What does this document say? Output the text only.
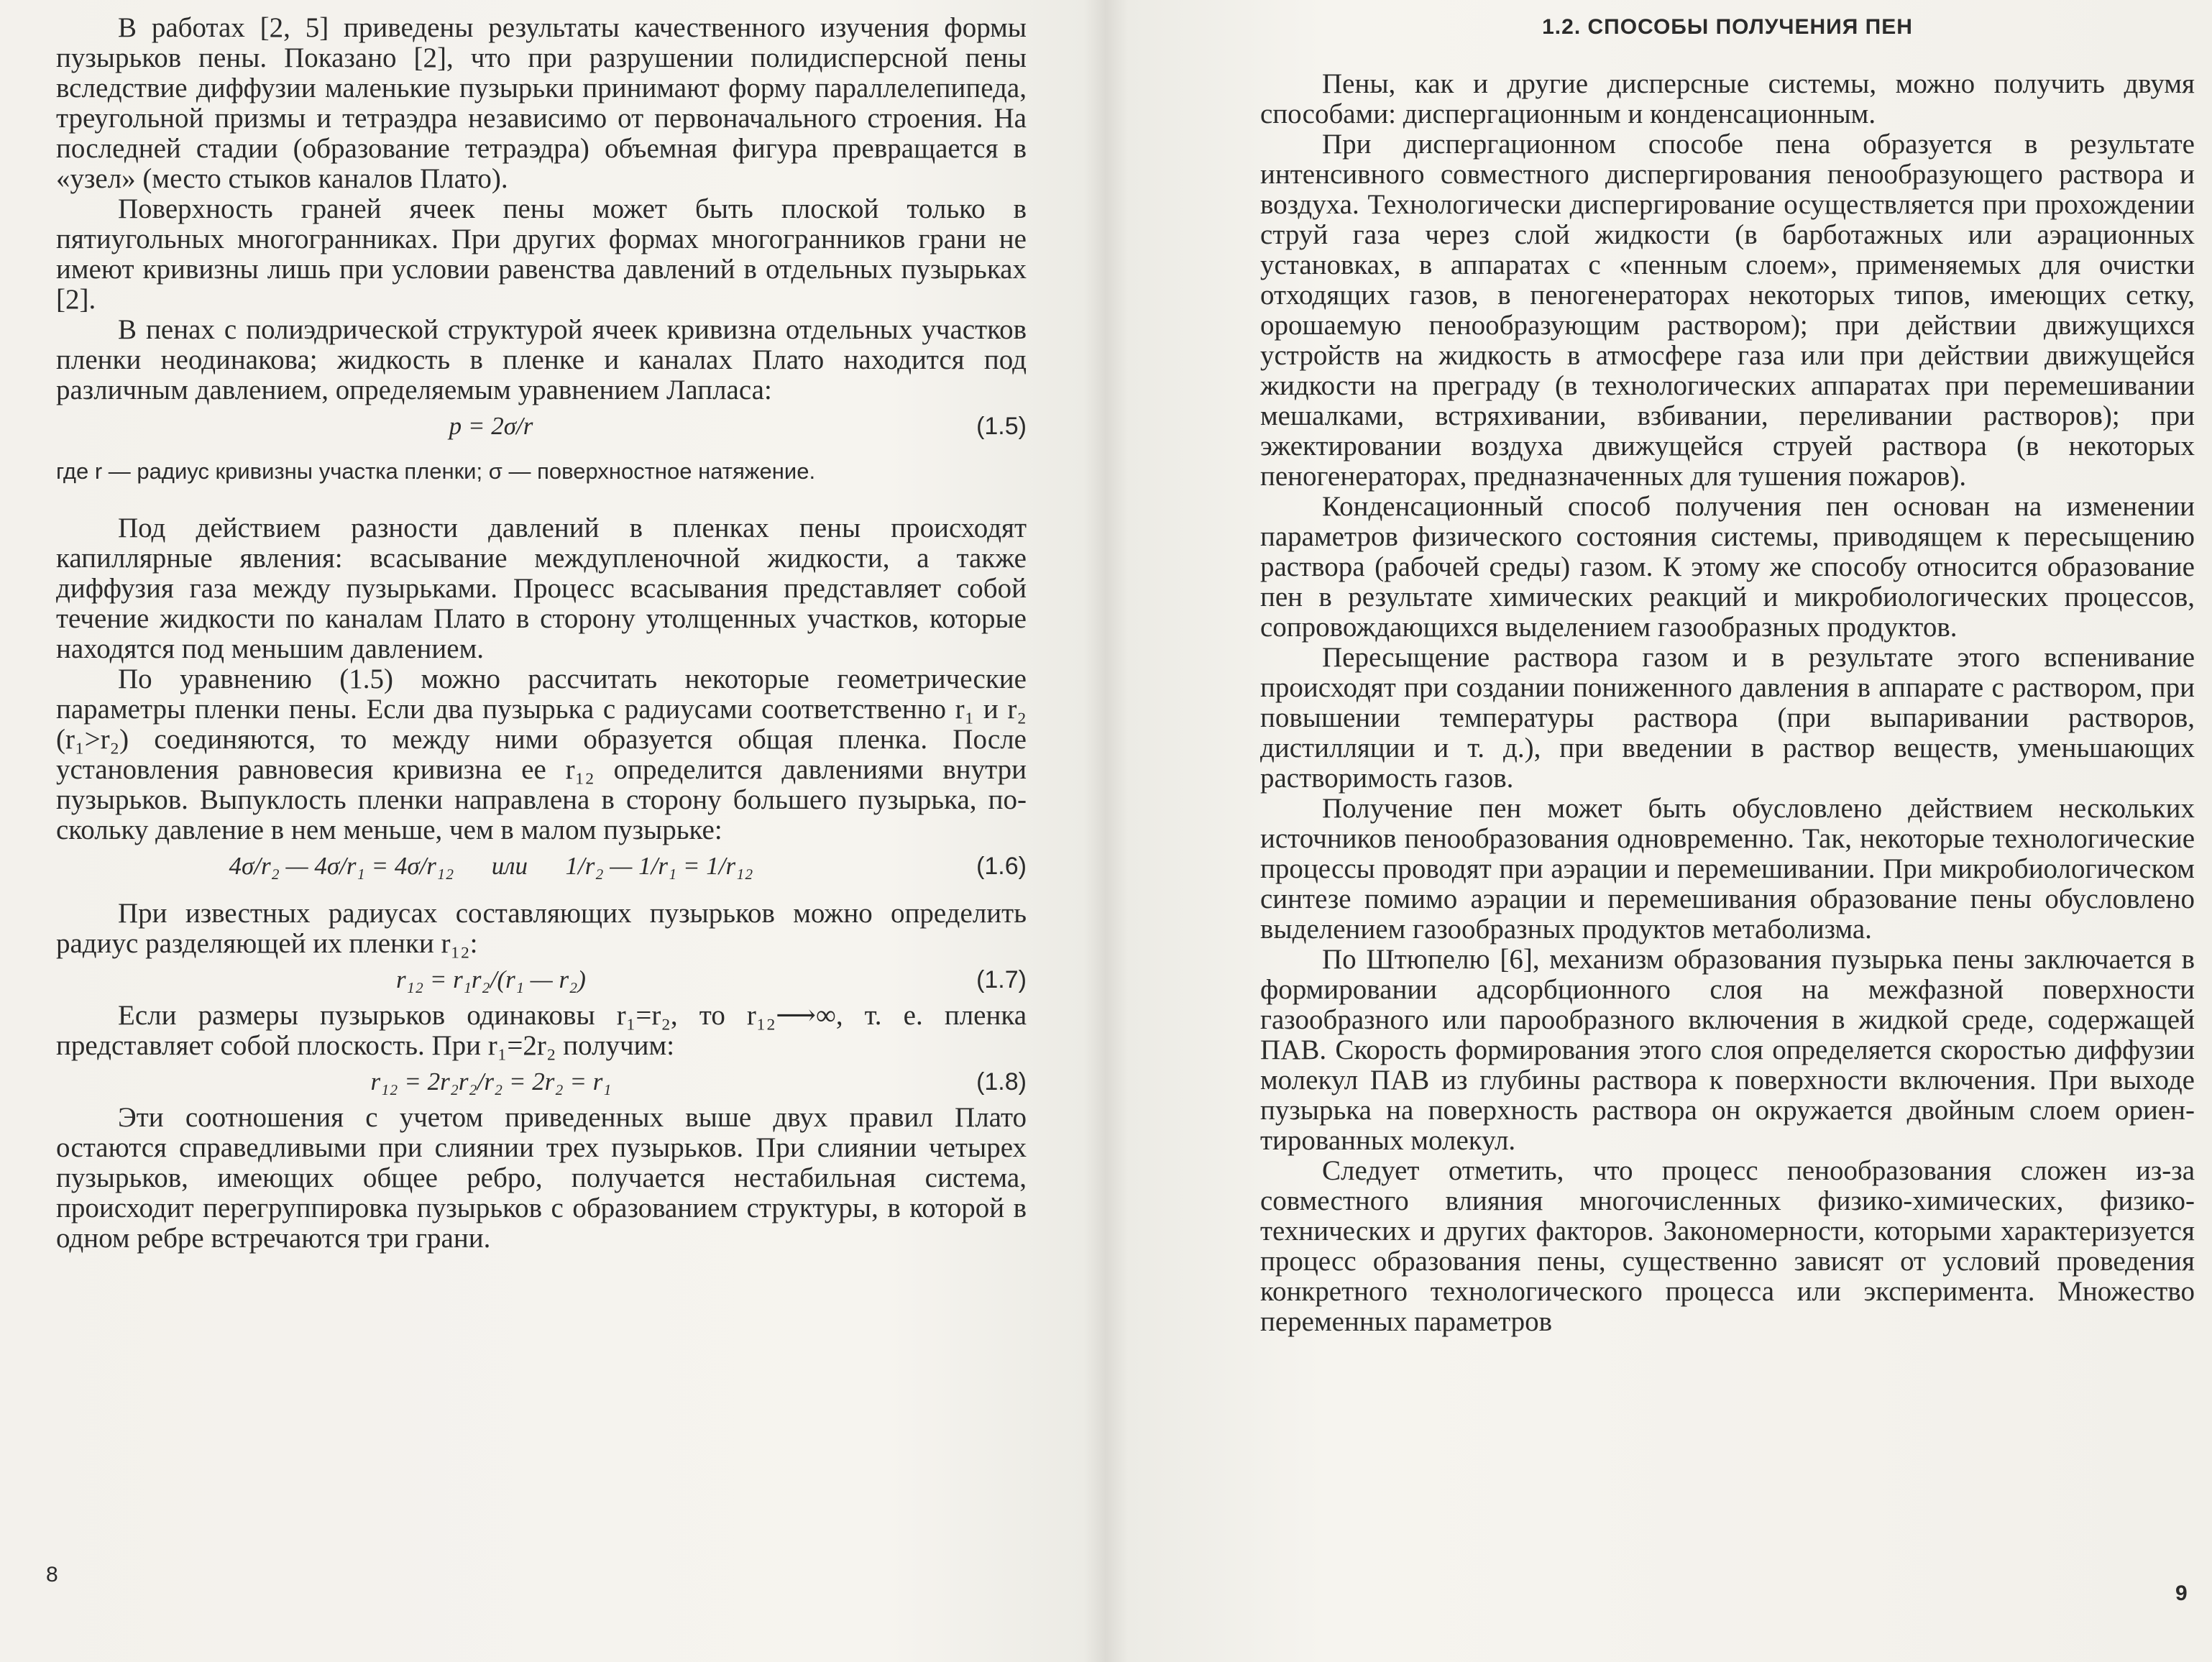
В работах [2, 5] приведены результаты качественного изучения формы пузырьков пены. Показано [2], что при разрушении полидисперсной пены вследствие диффузии маленькие пузырьки принимают форму параллелепипеда, треугольной призмы и тетраэдра независимо от первоначального строения. На последней стадии (образование тетраэдра) объемная фигура превращается в «узел» (место стыков каналов Плато).

Поверхность граней ячеек пены может быть плоской только в пятиугольных многогранниках. При других формах многогранников грани не имеют кривизны лишь при условии равенства давлений в отдельных пузырьках [2].

В пенах с полиэдрической структурой ячеек кривизна отдельных участков пленки неодинакова; жидкость в пленке и каналах Плато находится под различным давлением, определяемым уравнением Лапласа:

p = 2σ/r	(1.5)

где r — радиус кривизны участка пленки; σ — поверхностное натяжение.

Под действием разности давлений в пленках пены происходят капиллярные явления: всасывание междупленочной жидкости, а также диффузия газа между пузырьками. Процесс всасывания представляет собой течение жидкости по каналам Плато в сторону утолщенных участков, которые находятся под меньшим давлением.

По уравнению (1.5) можно рассчитать некоторые геометрические параметры пленки пены. Если два пузырька с радиусами соответственно r₁ и r₂ (r₁>r₂) соединяются, то между ними образуется общая пленка. После установления равновесия кривизна ее r₁₂ определится давлениями внутри пузырьков. Выпуклость пленки направлена в сторону большего пузырька, поскольку давление в нем меньше, чем в малом пузырьке:

4σ/r₂ — 4σ/r₁ = 4σ/r₁₂      или      1/r₂ — 1/r₁ = 1/r₁₂	(1.6)

При известных радиусах составляющих пузырьков можно определить радиус разделяющей их пленки r₁₂:

r₁₂ = r₁r₂/(r₁ — r₂)	(1.7)

Если размеры пузырьков одинаковы r₁=r₂, то r₁₂⟶∞, т. е. пленка представляет собой плоскость. При r₁=2r₂ получим:

r₁₂ = 2r₂r₂/r₂ = 2r₂ = r₁	(1.8)

Эти соотношения с учетом приведенных выше двух правил Плато остаются справедливыми при слиянии трех пузырьков. При слиянии четырех пузырьков, имеющих общее ребро, получается нестабильная система, происходит перегруппировка пузырьков с образованием структуры, в которой в одном ребре встречаются три грани.

8
1.2. СПОСОБЫ ПОЛУЧЕНИЯ ПЕН

Пены, как и другие дисперсные системы, можно получить двумя способами: диспергационным и конденсационным.

При диспергационном способе пена образуется в результате интенсивного совместного диспергирования пенообразующего раствора и воздуха. Технологически диспергирование осуществляется при прохождении струй газа через слой жидкости (в барботажных или аэрационных установках, в аппаратах с «пенным слоем», применяемых для очистки отходящих газов, в пеногенераторах некоторых типов, имеющих сетку, орошаемую пенообразующим раствором); при действии движущихся устройств на жидкость в атмосфере газа или при действии движущейся жидкости на преграду (в технологических аппаратах при перемешивании мешалками, встряхивании, взбивании, переливании растворов); при эжектировании воздуха движущейся струей раствора (в некоторых пеногенераторах, предназначенных для тушения пожаров).

Конденсационный способ получения пен основан на изменении параметров физического состояния системы, приводящем к пересыщению раствора (рабочей среды) газом. К этому же способу относится образование пен в результате химических реакций и микробиологических процессов, сопровождающихся выделением газообразных продуктов.

Пересыщение раствора газом и в результате этого вспенивание происходят при создании пониженного давления в аппарате с раствором, при повышении температуры раствора (при выпаривании растворов, дистилляции и т. д.), при введении в раствор веществ, уменьшающих растворимость газов.

Получение пен может быть обусловлено действием нескольких источников пенообразования одновременно. Так, некоторые технологические процессы проводят при аэрации и перемешивании. При микробиологическом синтезе помимо аэрации и перемешивания образование пены обусловлено выделением газообразных продуктов метаболизма.

По Штюпелю [6], механизм образования пузырька пены заключается в формировании адсорбционного слоя на межфазной поверхности газообразного или парообразного включения в жидкой среде, содержащей ПАВ. Скорость формирования этого слоя определяется скоростью диффузии молекул ПАВ из глубины раствора к поверхности включения. При выходе пузырька на поверхность раствора он окружается двойным слоем ориентированных молекул.

Следует отметить, что процесс пенообразования сложен из-за совместного влияния многочисленных физико-химических, физико-технических и других факторов. Закономерности, которыми характеризуется процесс образования пены, существенно зависят от условий проведения конкретного технологического процесса или эксперимента. Множество переменных параметров

9
